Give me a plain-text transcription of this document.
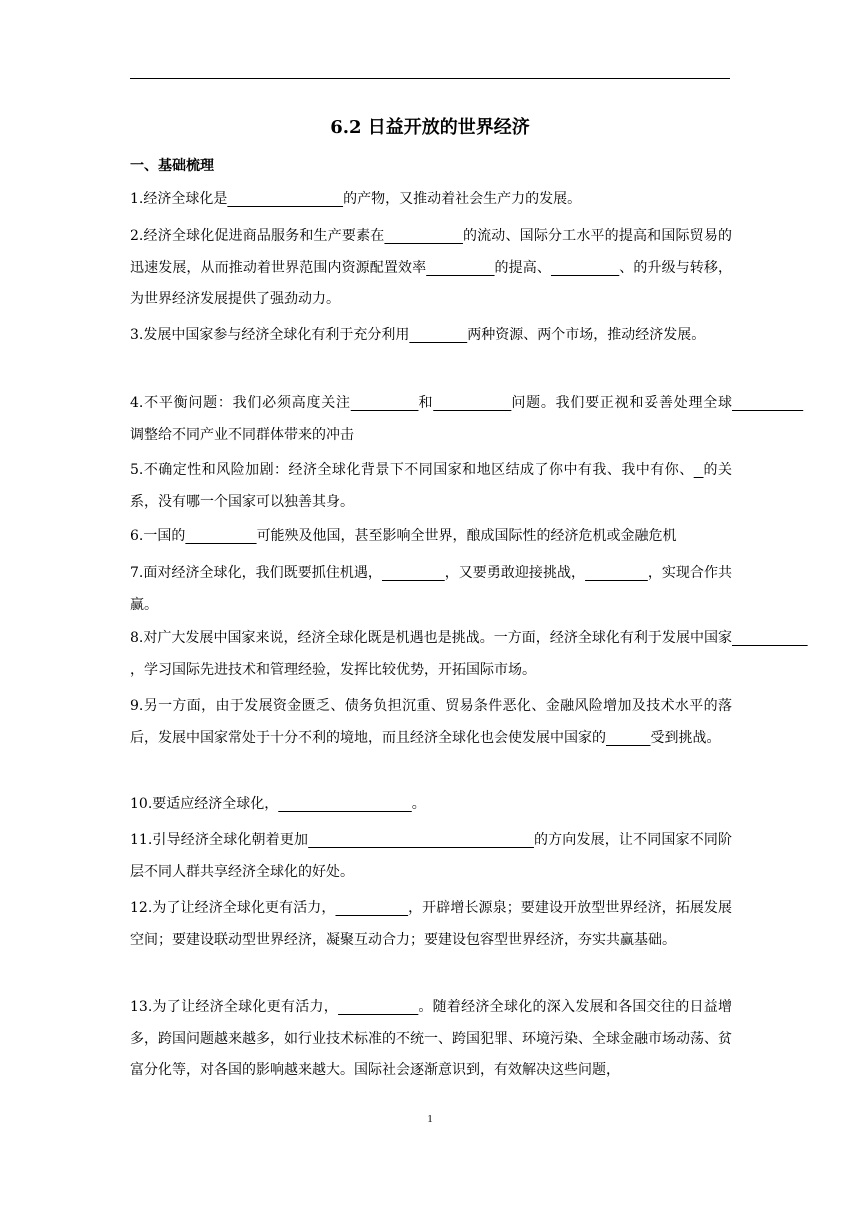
6.2 日益开放的世界经济
一、基础梳理

1.经济全球化是	的产物，又推动着社会生产力的发展。

2.经济全球化促进商品服务和生产要素在	的流动、国际分工水平的提高和国际贸易的迅速发展，从而推动着世界范围内资源配置效率	的提高、	、的升级与转移，为世界经济发展提供了强劲动力。

3.发展中国家参与经济全球化有利于充分利用	两种资源、两个市场，推动经济发展。

4.不平衡问题：我们必须高度关注	和	问题。我们要正视和妥善处理全球                调整给不同产业不同群体带来的冲击

5.不确定性和风险加剧：经济全球化背景下不同国家和地区结成了你中有我、我中有你、 的关系，没有哪一个国家可以独善其身。

6.一国的	可能殃及他国，甚至影响全世界，酿成国际性的经济危机或金融危机

7.面对经济全球化，我们既要抓住机遇，	，又要勇敢迎接挑战，	，实现合作共赢。

8.对广大发展中国家来说，经济全球化既是机遇也是挑战。一方面，经济全球化有利于发展中国家                 ，学习国际先进技术和管理经验，发挥比较优势，开拓国际市场。

9.另一方面，由于发展资金匮乏、债务负担沉重、贸易条件恶化、金融风险增加及技术水平的落后，发展中国家常处于十分不利的境地，而且经济全球化也会使发展中国家的	受到挑战。

10.要适应经济全球化，	。

11.引导经济全球化朝着更加	的方向发展，让不同国家不同阶层不同人群共享经济全球化的好处。

12.为了让经济全球化更有活力，	，开辟增长源泉；要建设开放型世界经济，拓展发展空间；要建设联动型世界经济，凝聚互动合力；要建设包容型世界经济，夯实共赢基础。

13.为了让经济全球化更有活力，	。随着经济全球化的深入发展和各国交往的日益增多，跨国问题越来越多，如行业技术标准的不统一、跨国犯罪、环境污染、全球金融市场动荡、贫富分化等，对各国的影响越来越大。国际社会逐渐意识到，有效解决这些问题，

1
